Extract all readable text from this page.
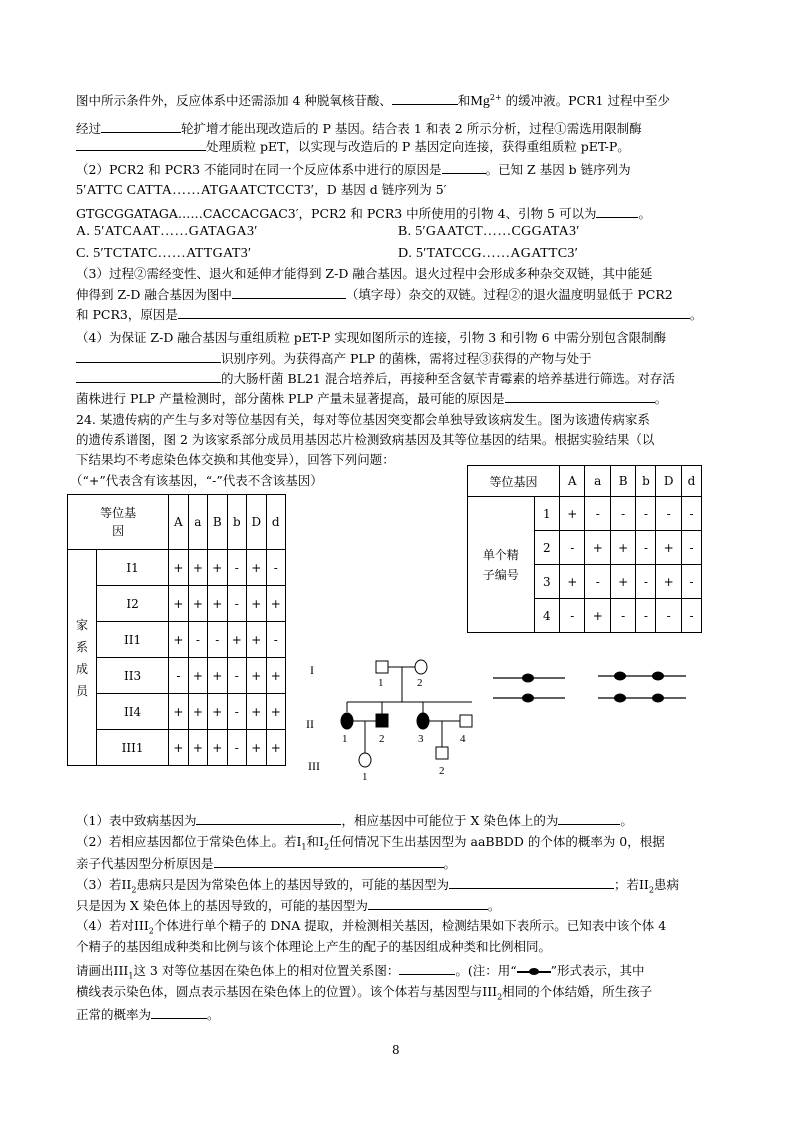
图中所示条件外，反应体系中还需添加 4 种脱氧核苷酸、	和$Mg^{2+}$ 的缓冲液。PCR1 过程中至少
经过	轮扩增才能出现改造后的 P 基因。结合表 1 和表 2 所示分析，过程①需选用限制酶
处理质粒 pET，以实现与改造后的 P 基因定向连接，获得重组质粒 pET-P。
（2）PCR2 和 PCR3 不能同时在同一个反应体系中进行的原因是	。已知 Z 基因 b 链序列为
5′ATTC CATTA……ATGAATCTCCT3′，D 基因 d 链序列为 5′
GTGCGGATAGA……CACCACGAC3′，PCR2 和 PCR3 中所使用的引物 4、引物 5 可以为	。
A. 5′ATCAAT……GATAGA3′	B. 5′GAATCT……CGGATA3′
C. 5′TCTATC……ATTGAT3′	D. 5′TATCCG……AGATTC3′
（3）过程②需经变性、退火和延伸才能得到 Z-D 融合基因。退火过程中会形成多种杂交双链，其中能延
伸得到 Z-D 融合基因为图中	（填字母）杂交的双链。过程②的退火温度明显低于 PCR2
和 PCR3，原因是	。
（4）为保证 Z-D 融合基因与重组质粒 pET-P 实现如图所示的连接，引物 3 和引物 6 中需分别包含限制酶
识别序列。为获得高产 PLP 的菌株，需将过程③获得的产物与处于
的大肠杆菌 BL21 混合培养后，再接种至含氨苄青霉素的培养基进行筛选。对存活
菌株进行 PLP 产量检测时，部分菌株 PLP 产量未显著提高，最可能的原因是	。
24. 某遗传病的产生与多对等位基因有关，每对等位基因突变都会单独导致该病发生。图为该遗传病家系
的遗传系谱图，图 2 为该家系部分成员用基因芯片检测致病基因及其等位基因的结果。根据实验结果（以
下结果均不考虑染色体交换和其他变异），回答下列问题：
（“+”代表含有该基因，“-”代表不含该基因）
等位基
因		A	a	B	b	D	d
家
系
成
员	I1	+	+	+	-	+	-
	I2	+	+	+	-	+	+
	II1	+	-	-	+	+	-
	II3	-	+	+	-	+	+
	II4	+	+	+	-	+	+
	III1	+	+	+	-	+	+
等位基因		A	a	B	b	D	d
单个精
子编号	1	+	-	-	-	-	-
	2	-	+	+	-	+	-
	3	+	-	+	-	+	-
	4	-	+	-	-	-	-
I
II
III
1	2
1	2	3	4
1	2
（1）表中致病基因为	，相应基因中可能位于 X 染色体上的为	。
（2）若相应基因都位于常染色体上。若$I_1$和$I_2$任何情况下生出基因型为 aaBBDD 的个体的概率为 0，根据
亲子代基因型分析原因是	。
（3）若$II_2$患病只是因为常染色体上的基因导致的，可能的基因型为	；若$II_2$患病
只是因为 X 染色体上的基因导致的，可能的基因型为	。
（4）若对$III_2$个体进行单个精子的 DNA 提取，并检测相关基因，检测结果如下表所示。已知表中该个体 4
个精子的基因组成种类和比例与该个体理论上产生的配子的基因组成种类和比例相同。
请画出$III_1$这 3 对等位基因在染色体上的相对位置关系图：	。(注：用“	”形式表示，其中
横线表示染色体，圆点表示基因在染色体上的位置）。该个体若与基因型与$III_2$相同的个体结婚，所生孩子
正常的概率为	。
8
